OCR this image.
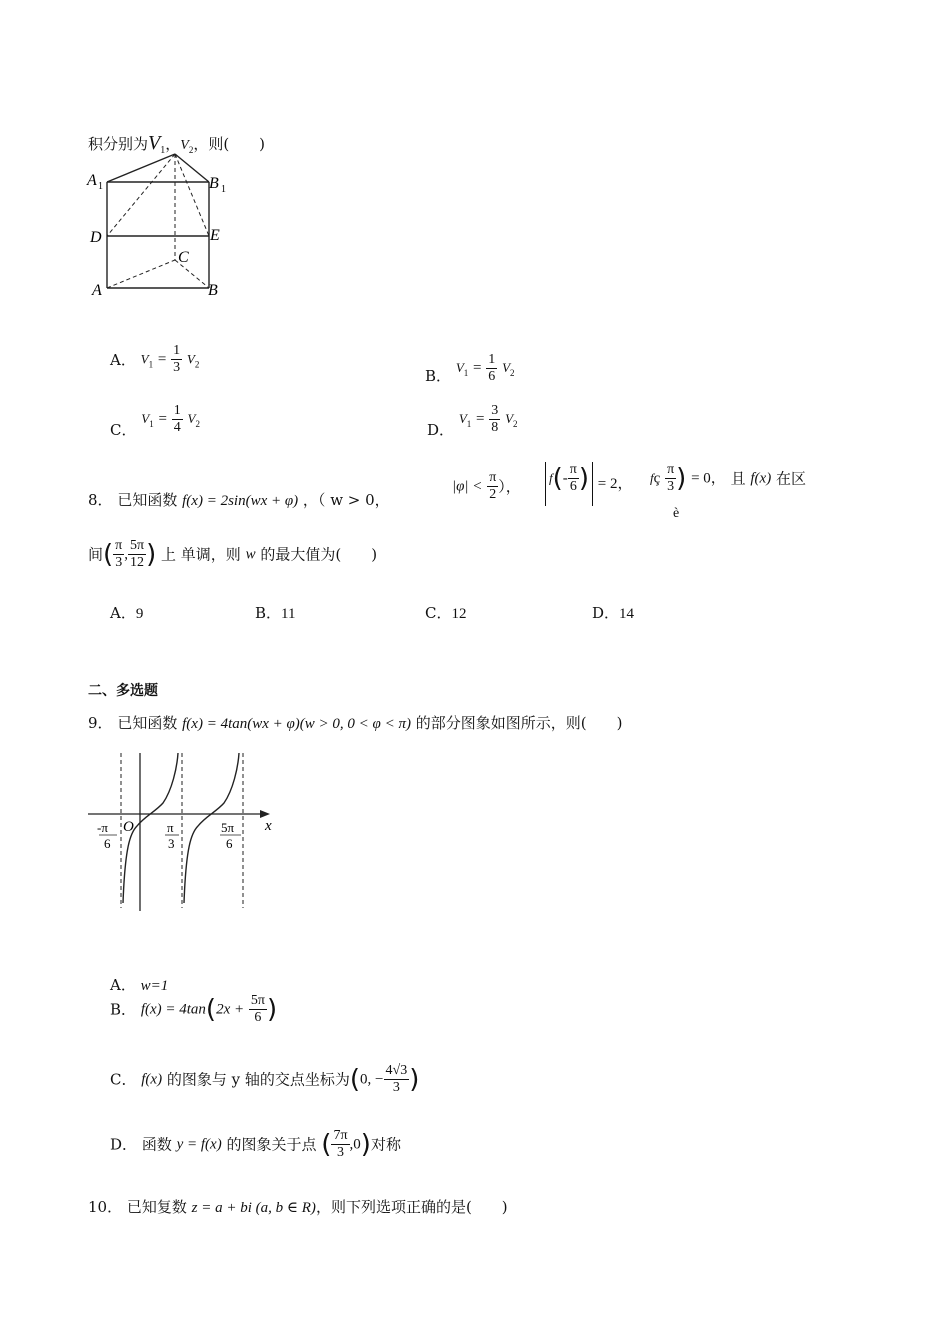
积分别为$V_1$，$V_2$，则(　　)
A 1	B 1
D	E
C
A	B
A． $V_1 = \frac{1}{3} V_2$
B． $V_1 = \frac{1}{6} V_2$
C． $V_1 = \frac{1}{4} V_2$	D． $V_1 = \frac{3}{8} V_2$
8． 已知函数 f(x) = 2sin(wx + φ) ，（ w > 0，
$|\varphi| < \frac{\pi}{2}$ ），	$f(- \frac{\pi}{6}$ ) = 2， fç $\frac{\pi}{3}$ ) = 0， 且 f(x) 在区
è
间( $\frac{\pi}{3}$ , $\frac{5\pi}{12}$ ) 上 单调，则 w 的最大值为(　　)
A．9	B．11	C．12	D．14
二、多选题
9． 已知函数 f(x) = 4tan(wx + φ)(w > 0, 0 < φ < π) 的部分图象如图所示，则(　　)
x
O
-π
6
π
3
5π
6
A． w=1
B． $f(x) = 4\tan(2x + \frac{5\pi}{6}$ )
C． f(x) 的图象与 y 轴的交点坐标为(0, − $\frac{4√3}{3}$ )
D． 函数 y = f(x) 的图象关于点 ( $\frac{7\pi}{3} ,0$)对称
10． 已知复数 z = a + bi (a, b ∈ R)，则下列选项正确的是(　　)
